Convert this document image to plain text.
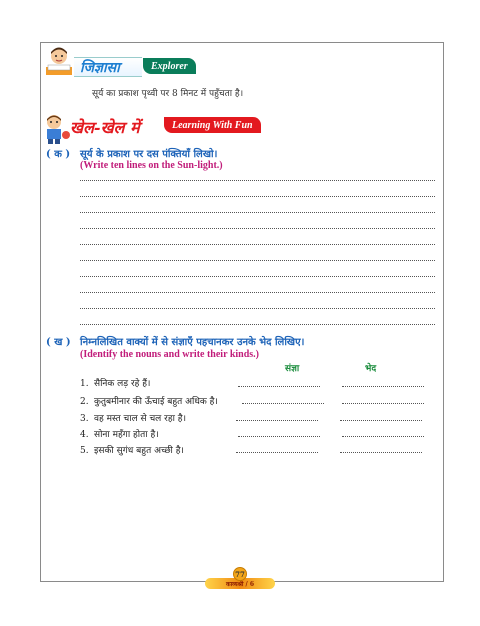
जिज्ञासा	Explorer
सूर्य का प्रकाश पृथ्वी पर 8 मिनट में पहुँचता है।
खेल-खेल में	Learning With Fun
( क ) सूर्य के प्रकाश पर दस पंक्तियाँ लिखो।
(Write ten lines on the Sun-light.)
( ख ) निम्नलिखित वाक्यों में से संज्ञाएँ पहचानकर उनके भेद लिखिए।
(Identify the nouns and write their kinds.)
संज्ञा	भेद
1. सैनिक लड़ रहे हैं।
2. कुतुबमीनार की ऊँचाई बहुत अधिक है।
3. वह मस्त चाल से चल रहा है।
4. सोना महँगा होता है।
5. इसकी सुगंध बहुत अच्छी है।
काव्यश्री / 6
77
